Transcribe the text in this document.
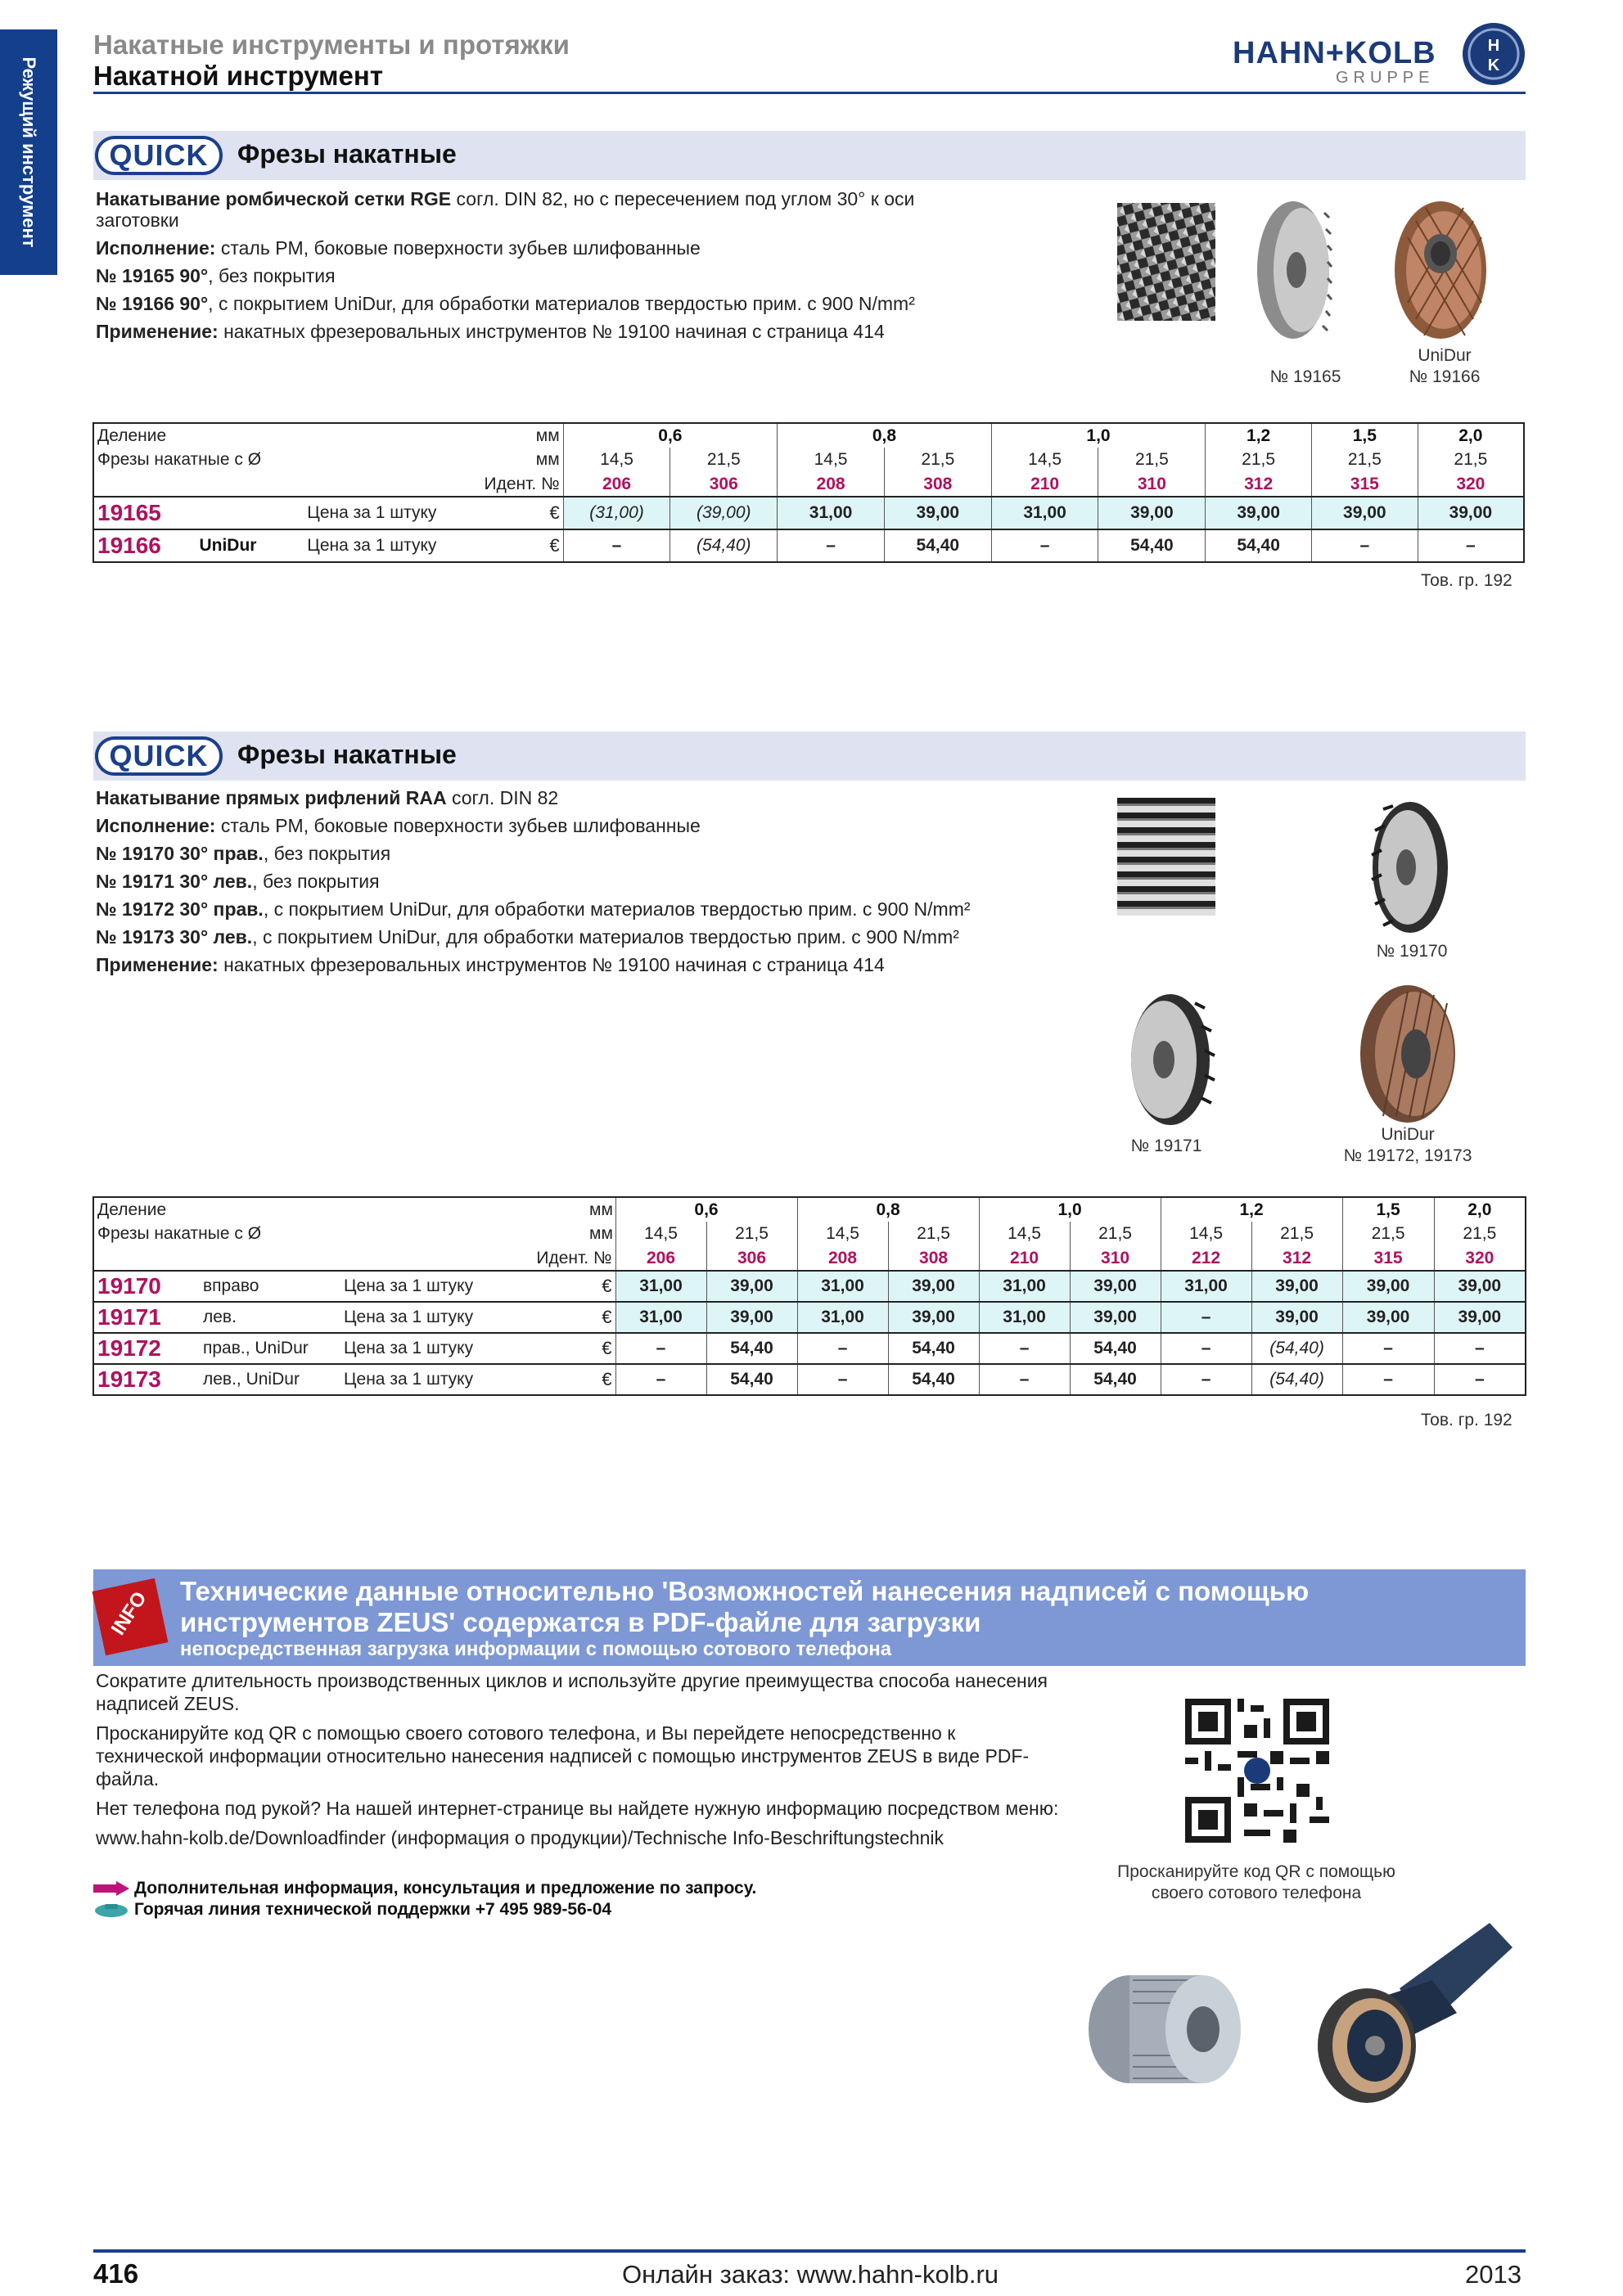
Режущий инструмент
Накатные инструменты и протяжки
Накатной инструмент
HAHN+KOLB
GRUPPE
H
K
QUICK	Фрезы накатные

Накатывание ромбической сетки RGE согл. DIN 82, но с пересечением под углом 30° к оси

заготовки

Исполнение: сталь PM, боковые поверхности зубьев шлифованные

№ 19165 90°, без покрытия

№ 19166 90°, с покрытием UniDur, для обработки материалов твердостью прим. с 900 N/mm²

Применение: накатных фрезеровальных инструментов № 19100 начиная с страница 414

№ 19165
UniDur
№ 19166
Деление			мм	0,6		0,8		1,0		1,2	1,5	2,0
Фрезы накатные с Ø			мм	14,5	21,5	14,5	21,5	14,5	21,5	21,5	21,5	21,5
Идент. №				206	306	208	308	210	310	312	315	320
19165		Цена за 1 штуку	€	(31,00)	(39,00)	31,00	39,00	31,00	39,00	39,00	39,00	39,00
19166	UniDur	Цена за 1 штуку	€	–	(54,40)	–	54,40	–	54,40	54,40	–	–
Тов. гр. 192
QUICK	Фрезы накатные

Накатывание прямых рифлений RAA согл. DIN 82

Исполнение: сталь PM, боковые поверхности зубьев шлифованные

№ 19170 30° прав., без покрытия

№ 19171 30° лев., без покрытия

№ 19172 30° прав., с покрытием UniDur, для обработки материалов твердостью прим. с 900 N/mm²

№ 19173 30° лев., с покрытием UniDur, для обработки материалов твердостью прим. с 900 N/mm²

Применение: накатных фрезеровальных инструментов № 19100 начиная с страница 414

№ 19170
№ 19171
UniDur
№ 19172, 19173
Деление			мм	0,6		0,8		1,0		1,2		1,5	2,0
Фрезы накатные с Ø			мм	14,5	21,5	14,5	21,5	14,5	21,5	14,5	21,5	21,5	21,5
Идент. №				206	306	208	308	210	310	212	312	315	320
19170	вправо	Цена за 1 штуку	€	31,00	39,00	31,00	39,00	31,00	39,00	31,00	39,00	39,00	39,00
19171	лев.	Цена за 1 штуку	€	31,00	39,00	31,00	39,00	31,00	39,00	–	39,00	39,00	39,00
19172	прав., UniDur	Цена за 1 штуку	€	–	54,40	–	54,40	–	54,40	–	(54,40)	–	–
19173	лев., UniDur	Цена за 1 штуку	€	–	54,40	–	54,40	–	54,40	–	(54,40)	–	–
Тов. гр. 192
INFO Технические данные относительно 'Возможностей нанесения надписей с помощью
инструментов ZEUS' содержатся в PDF-файле для загрузки
непосредственная загрузка информации с помощью сотового телефона

Сократите длительность производственных циклов и используйте другие преимущества способа нанесения надписей ZEUS.

Просканируйте код QR с помощью своего сотового телефона, и Вы перейдете непосредственно к технической информации относительно нанесения надписей с помощью инструментов ZEUS в виде PDF-файла.

Нет телефона под рукой? На нашей интернет-странице вы найдете нужную информацию посредством меню:

www.hahn-kolb.de/Downloadfinder (информация о продукции)/Technische Info-Beschriftungstechnik

Дополнительная информация, консультация и предложение по запросу.
Горячая линия технической поддержки +7 495 989-56-04
Просканируйте код QR с помощью
своего сотового телефона
416	Онлайн заказ: www.hahn-kolb.ru	2013
